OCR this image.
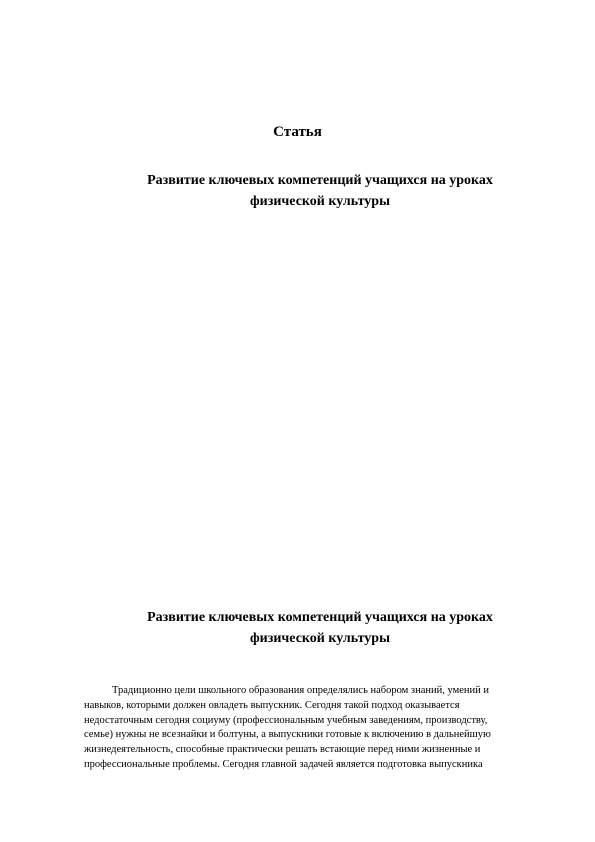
Статья
Развитие ключевых компетенций учащихся на уроках
физической культуры
Развитие ключевых компетенций учащихся на уроках
физической культуры

Традиционно цели школьного образования определялись набором знаний, умений и
навыков, которыми должен овладеть выпускник. Сегодня такой подход оказывается
недостаточным сегодня социуму (профессиональным учебным заведениям, производству,
семье) нужны не всезнайки и болтуны, а выпускники готовые к включению в дальнейшую
жизнедеятельность, способные практически решать встающие перед ними жизненные и
профессиональные проблемы. Сегодня главной задачей является подготовка выпускника
